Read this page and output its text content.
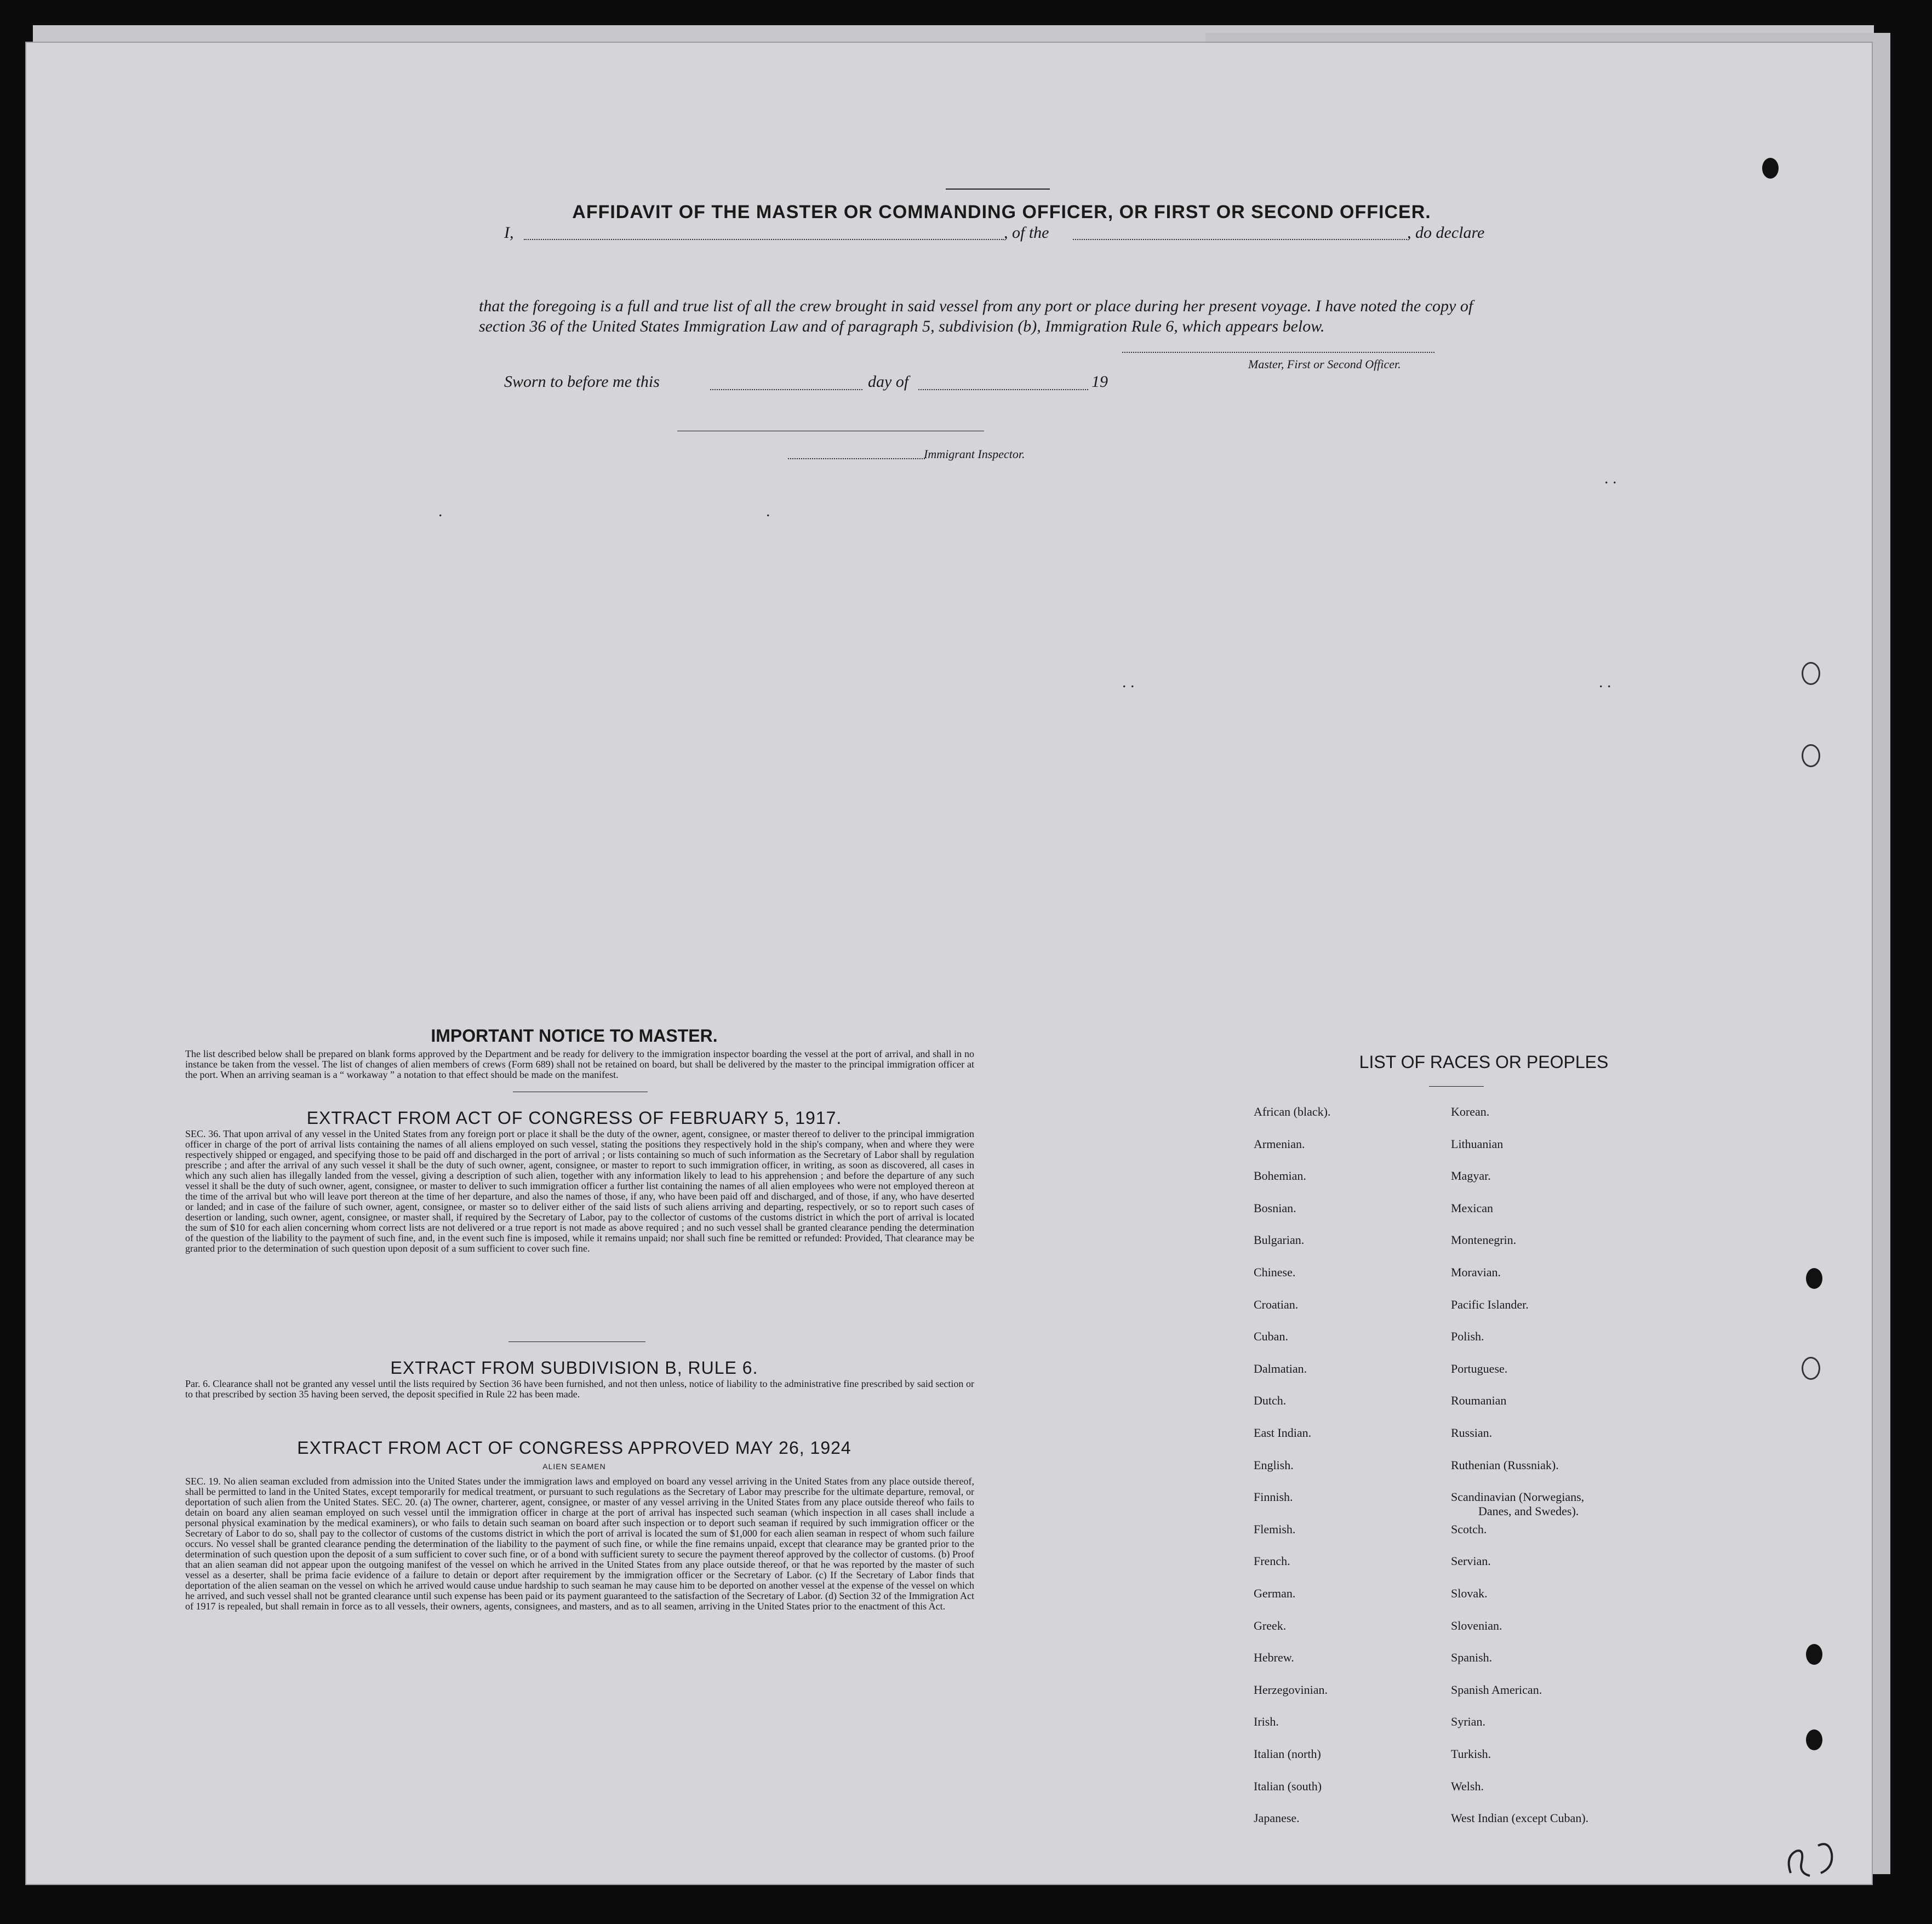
AFFIDAVIT OF THE MASTER OR COMMANDING OFFICER, OR FIRST OR SECOND OFFICER.
I,	, of the	, do declare
that the foregoing is a full and true list of all the crew brought in said vessel from any port or place during her present voyage. I have noted the copy of section 36 of the United States Immigration Law and of paragraph 5, subdivision (b), Immigration Rule 6, which appears below.
Master, First or Second Officer.
Sworn to before me this	day of	19
Immigrant Inspector.
.
.
. .	. .
. .
IMPORTANT NOTICE TO MASTER.
The list described below shall be prepared on blank forms approved by the Department and be ready for delivery to the immigration inspector boarding the vessel at the port of arrival, and shall in no instance be taken from the vessel. The list of changes of alien members of crews (Form 689) shall not be retained on board, but shall be delivered by the master to the principal immigration officer at the port. When an arriving seaman is a “ workaway ” a notation to that effect should be made on the manifest.
EXTRACT FROM ACT OF CONGRESS OF FEBRUARY 5, 1917.
SEC. 36. That upon arrival of any vessel in the United States from any foreign port or place it shall be the duty of the owner, agent, consignee, or master thereof to deliver to the principal immigration officer in charge of the port of arrival lists containing the names of all aliens employed on such vessel, stating the positions they respectively hold in the ship's company, when and where they were respectively shipped or engaged, and specifying those to be paid off and discharged in the port of arrival ; or lists containing so much of such information as the Secretary of Labor shall by regulation prescribe ; and after the arrival of any such vessel it shall be the duty of such owner, agent, consignee, or master to report to such immigration officer, in writing, as soon as discovered, all cases in which any such alien has illegally landed from the vessel, giving a description of such alien, together with any information likely to lead to his apprehension ; and before the departure of any such vessel it shall be the duty of such owner, agent, consignee, or master to deliver to such immigration officer a further list containing the names of all alien employees who were not employed thereon at the time of the arrival but who will leave port thereon at the time of her departure, and also the names of those, if any, who have been paid off and discharged, and of those, if any, who have deserted or landed; and in case of the failure of such owner, agent, consignee, or master so to deliver either of the said lists of such aliens arriving and departing, respectively, or so to report such cases of desertion or landing, such owner, agent, consignee, or master shall, if required by the Secretary of Labor, pay to the collector of customs of the customs district in which the port of arrival is located the sum of $10 for each alien concerning whom correct lists are not delivered or a true report is not made as above required ; and no such vessel shall be granted clearance pending the determination of the question of the liability to the payment of such fine, and, in the event such fine is imposed, while it remains unpaid; nor shall such fine be remitted or refunded: Provided, That clearance may be granted prior to the determination of such question upon deposit of a sum sufficient to cover such fine.
EXTRACT FROM SUBDIVISION B, RULE 6.
Par. 6. Clearance shall not be granted any vessel until the lists required by Section 36 have been furnished, and not then unless, notice of liability to the administrative fine prescribed by said section or to that prescribed by section 35 having been served, the deposit specified in Rule 22 has been made.
EXTRACT FROM ACT OF CONGRESS APPROVED MAY 26, 1924
ALIEN SEAMEN
SEC. 19. No alien seaman excluded from admission into the United States under the immigration laws and employed on board any vessel arriving in the United States from any place outside thereof, shall be permitted to land in the United States, except temporarily for medical treatment, or pursuant to such regulations as the Secretary of Labor may prescribe for the ultimate departure, removal, or deportation of such alien from the United States. SEC. 20. (a) The owner, charterer, agent, consignee, or master of any vessel arriving in the United States from any place outside thereof who fails to detain on board any alien seaman employed on such vessel until the immigration officer in charge at the port of arrival has inspected such seaman (which inspection in all cases shall include a personal physical examination by the medical examiners), or who fails to detain such seaman on board after such inspection or to deport such seaman if required by such immigration officer or the Secretary of Labor to do so, shall pay to the collector of customs of the customs district in which the port of arrival is located the sum of $1,000 for each alien seaman in respect of whom such failure occurs. No vessel shall be granted clearance pending the determination of the liability to the payment of such fine, or while the fine remains unpaid, except that clearance may be granted prior to the determination of such question upon the deposit of a sum sufficient to cover such fine, or of a bond with sufficient surety to secure the payment thereof approved by the collector of customs. (b) Proof that an alien seaman did not appear upon the outgoing manifest of the vessel on which he arrived in the United States from any place outside thereof, or that he was reported by the master of such vessel as a deserter, shall be prima facie evidence of a failure to detain or deport after requirement by the immigration officer or the Secretary of Labor. (c) If the Secretary of Labor finds that deportation of the alien seaman on the vessel on which he arrived would cause undue hardship to such seaman he may cause him to be deported on another vessel at the expense of the vessel on which he arrived, and such vessel shall not be granted clearance until such expense has been paid or its payment guaranteed to the satisfaction of the Secretary of Labor. (d) Section 32 of the Immigration Act of 1917 is repealed, but shall remain in force as to all vessels, their owners, agents, consignees, and masters, and as to all seamen, arriving in the United States prior to the enactment of this Act.
LIST OF RACES OR PEOPLES
African (black).
Armenian.
Bohemian.
Bosnian.
Bulgarian.
Chinese.
Croatian.
Cuban.
Dalmatian.
Dutch.
East Indian.
English.
Finnish.
Flemish.
French.
German.
Greek.
Hebrew.
Herzegovinian.
Irish.
Italian (north)
Italian (south)
Japanese.
Korean.
Lithuanian
Magyar.
Mexican
Montenegrin.
Moravian.
Pacific Islander.
Polish.
Portuguese.
Roumanian
Russian.
Ruthenian (Russniak).
Scandinavian (Norwegians,
Danes, and Swedes).
Scotch.
Servian.
Slovak.
Slovenian.
Spanish.
Spanish American.
Syrian.
Turkish.
Welsh.
West Indian (except Cuban).
